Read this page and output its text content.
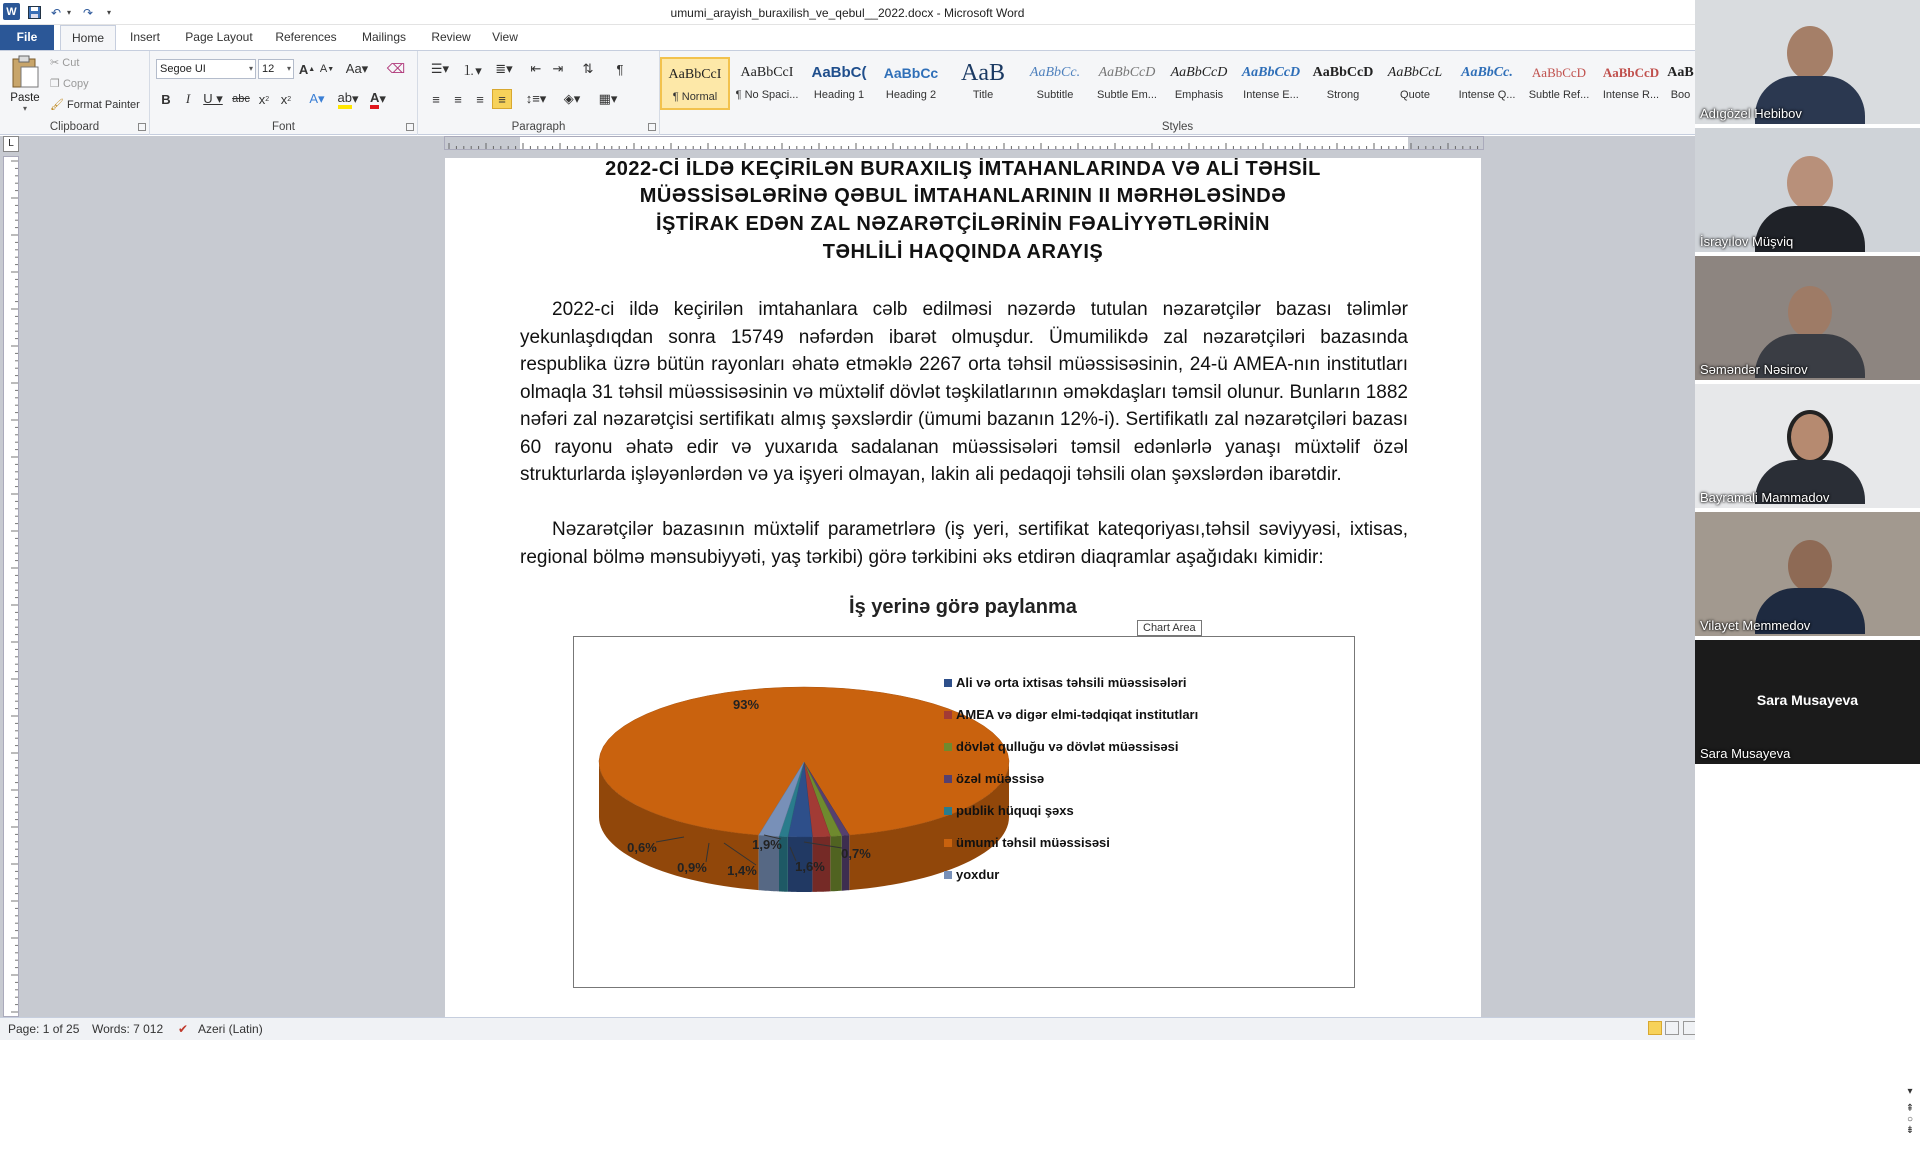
W	↶ ▾ ↷	▾	umumi_arayish_buraxilish_ve_qebul__2022.docx - Microsoft Word
File	Home	Insert	Page Layout	References	Mailings	Review	View
Paste
▾
✂ Cut
❐ Copy
🖌 Format Painter
Clipboard
Segoe UI	▾ 12 ▾ A ▲ A ▼ Aa▾ ⌫
B	I	U ▾ abc x 2 x 2	A▾ ab ▾ A ▾
Font
☰▾	⒈▾	≣▾	⇤ ⇥	⇅	¶
≡	≡	≡	≡	↕≡▾	◈▾	▦▾
Paragraph
AaBbCcI
¶ Normal
AaBbCcI
¶ No Spaci...
AaBbC(
Heading 1
AaBbCc
Heading 2
AaB
Title
AaBbCc.
Subtitle
AaBbCcD
Subtle Em...
AaBbCcD
Emphasis
AaBbCcD
Intense E...
AaBbCcD
Strong
AaBbCcL
Quote
AaBbCc.
Intense Q...
AaBbCcD
Subtle Ref...
AaBbCcD
Intense R...
AaB
Boo
Styles
L
2022-Cİ İLDƏ KEÇİRİLƏN BURAXILIŞ İMTAHANLARINDA VƏ ALİ TƏHSİL
MÜƏSSİSƏLƏRİNƏ QƏBUL İMTAHANLARININ II MƏRHƏLƏSİNDƏ
İŞTİRAK EDƏN ZAL NƏZARƏTÇİLƏRİNİN FƏALİYYƏTLƏRİNİN
TƏHLİLİ HAQQINDA ARAYIŞ
2022-ci ildə keçirilən imtahanlara cəlb edilməsi nəzərdə tutulan nəzarətçilər bazası təlimlər yekunlaşdıqdan sonra 15749 nəfərdən ibarət olmuşdur. Ümumilikdə zal nəzarətçiləri bazasında respublika üzrə bütün rayonları əhatə etməklə 2267 orta təhsil müəssisəsinin, 24-ü AMEA-nın institutları olmaqla 31 təhsil müəssisəsinin və müxtəlif dövlət təşkilatlarının əməkdaşları təmsil olunur. Bunların 1882 nəfəri zal nəzarətçisi sertifikatı almış şəxslərdir (ümumi bazanın 12%-i). Sertifikatlı zal nəzarətçiləri bazası 60 rayonu əhatə edir və yuxarıda sadalanan müəssisələri təmsil edənlərlə yanaşı müxtəlif özəl strukturlarda işləyənlərdən və ya işyeri olmayan, lakin ali pedaqoji təhsili olan şəxslərdən ibarətdir.
Nəzarətçilər bazasının müxtəlif parametrlərə (iş yeri, sertifikat kateqoriyası,təhsil səviyyəsi, ixtisas, regional bölmə mənsubiyyəti, yaş tərkibi) görə tərkibini əks etdirən diaqramlar aşağıdakı kimidir:
İş yerinə görə paylanma
1,9%
1,4%
0,9%
0,6%	0,7%
93%
1,6%
Ali və orta ixtisas təhsili müəssisələri
AMEA və digər elmi-tədqiqat institutları
dövlət qulluğu və dövlət müəssisəsi
özəl müəssisə
publik hüquqi şəxs
ümumi təhsil müəssisəsi
yoxdur
Chart Area
▾
⇞
○
⇟
Page: 1 of 25 Words: 7 012 ✔ Azeri (Latin)

Adıgözel Hebibov
İsrayılov Müşviq
Səməndər Nəsirov
Bayramali Mammadov
Vilayet Memmedov
Sara Musayeva
Sara Musayeva
